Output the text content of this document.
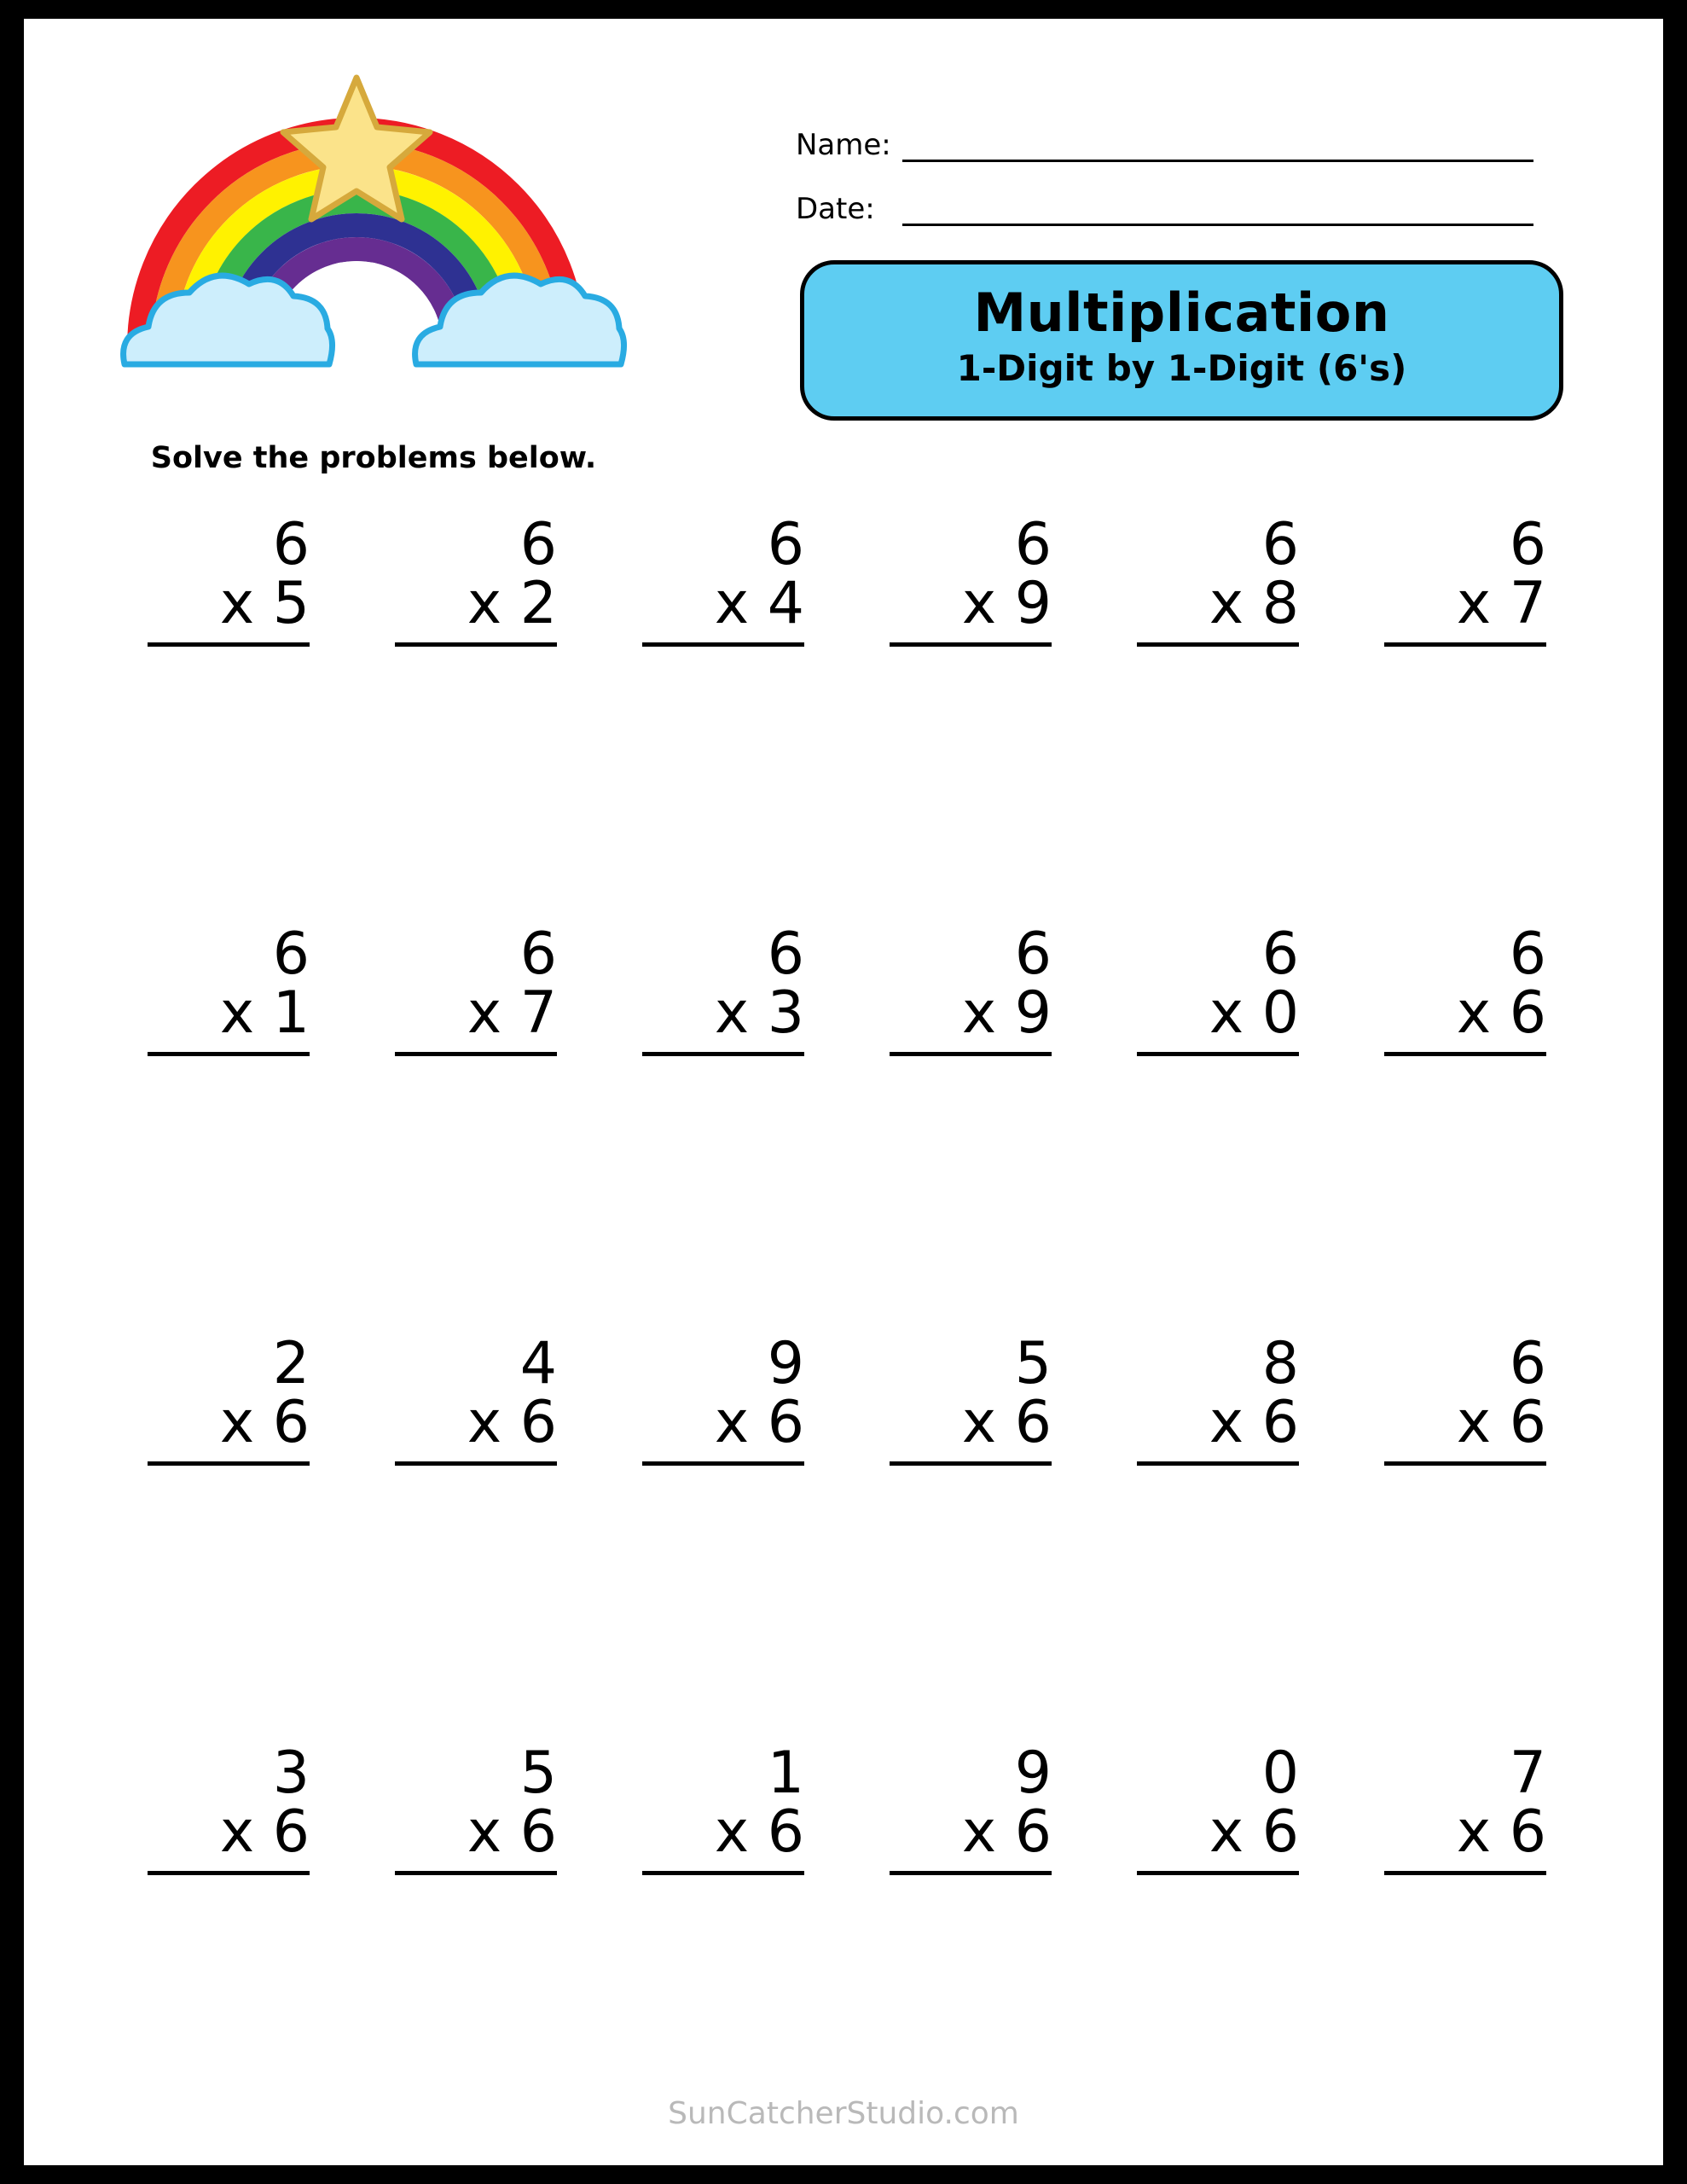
Solve the problems below.
Name:
Date:
Multiplication
1-Digit by 1-Digit (6's)
6
x 5
6
x 2
6
x 4
6
x 9
6
x 8
6
x 7
6
x 1
6
x 7
6
x 3
6
x 9
6
x 0
6
x 6
2
x 6
4
x 6
9
x 6
5
x 6
8
x 6
6
x 6
3
x 6
5
x 6
1
x 6
9
x 6
0
x 6
7
x 6
SunCatcherStudio.com
